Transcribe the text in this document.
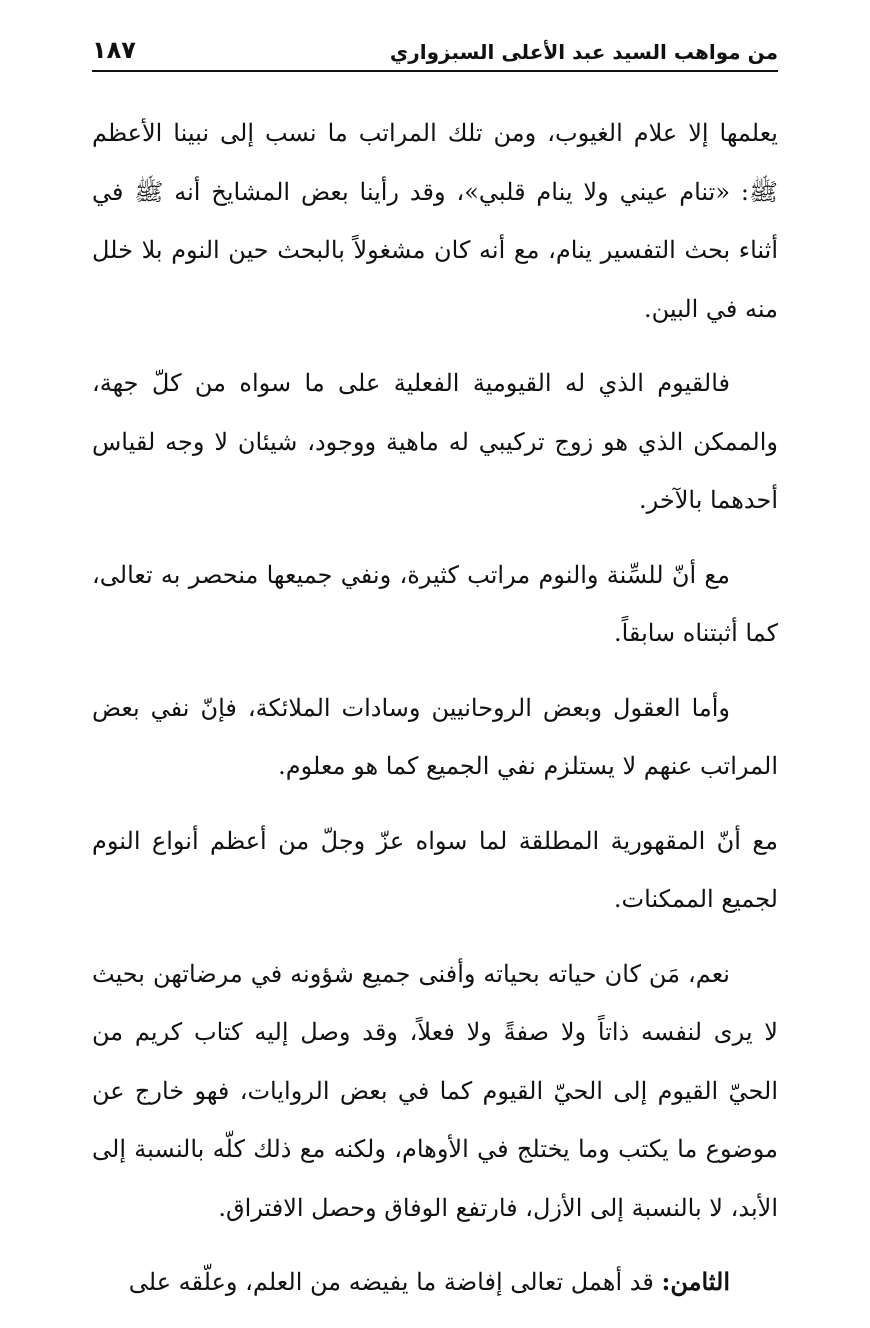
من مواهب السيد عبد الأعلى السبزواري
١٨٧

يعلمها إلا علام الغيوب، ومن تلك المراتب ما نسب إلى نبينا الأعظم ﷺ: «تنام عيني ولا ينام قلبي»، وقد رأينا بعض المشايخ أنه ﷺ في أثناء بحث التفسير ينام، مع أنه كان مشغولاً بالبحث حين النوم بلا خلل منه في البين.

فالقيوم الذي له القيومية الفعلية على ما سواه من كلّ جهة، والممكن الذي هو زوج تركيبي له ماهية ووجود، شيئان لا وجه لقياس أحدهما بالآخر.

مع أنّ للسِّنة والنوم مراتب كثيرة، ونفي جميعها منحصر به تعالى، كما أثبتناه سابقاً.

وأما العقول وبعض الروحانيين وسادات الملائكة، فإنّ نفي بعض المراتب عنهم لا يستلزم نفي الجميع كما هو معلوم.

مع أنّ المقهورية المطلقة لما سواه عزّ وجلّ من أعظم أنواع النوم لجميع الممكنات.

نعم، مَن كان حياته بحياته وأفنى جميع شؤونه في مرضاتهن بحيث لا يرى لنفسه ذاتاً ولا صفةً ولا فعلاً، وقد وصل إليه كتاب كريم من الحيّ القيوم إلى الحيّ القيوم كما في بعض الروايات، فهو خارج عن موضوع ما يكتب وما يختلج في الأوهام، ولكنه مع ذلك كلّه بالنسبة إلى الأبد، لا بالنسبة إلى الأزل، فارتفع الوفاق وحصل الافتراق.

الثامن: قد أهمل تعالى إفاضة ما يفيضه من العلم، وعلّقه على
